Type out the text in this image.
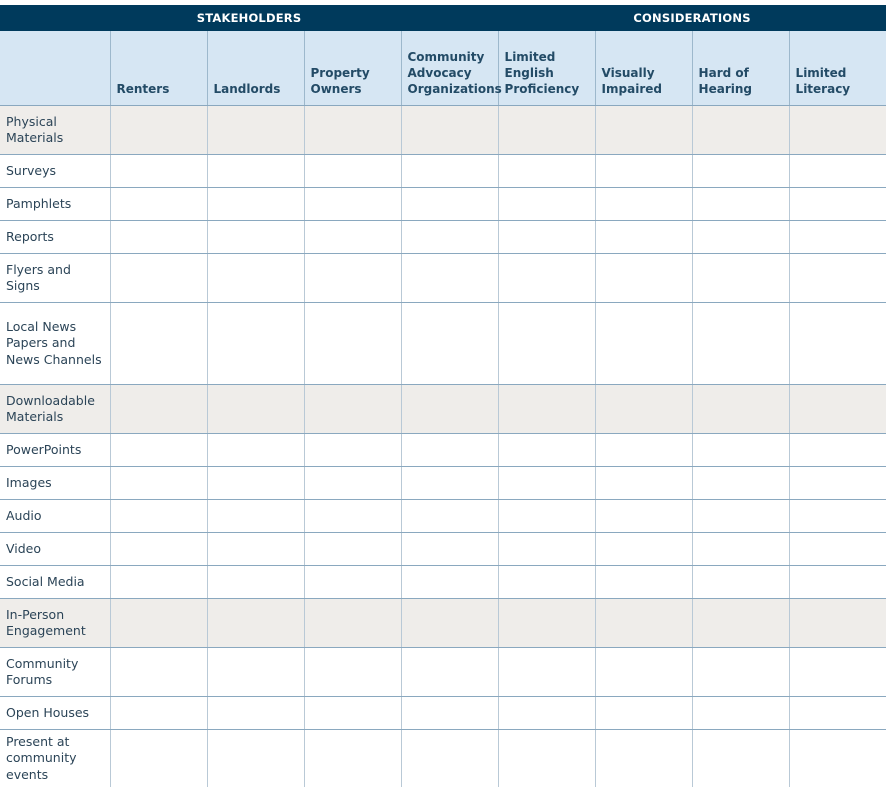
STAKEHOLDERS					CONSIDERATIONS			
	Renters	Landlords	Property Owners	Community Advocacy Organizations	Limited English Proficiency	Visually Impaired	Hard of Hearing	Limited Literacy
Physical Materials								
Surveys								
Pamphlets								
Reports								
Flyers and Signs								
Local News Papers and News Channels								
Downloadable Materials								
PowerPoints								
Images								
Audio								
Video								
Social Media								
In-Person Engagement								
Community Forums								
Open Houses								
Present at community events								
